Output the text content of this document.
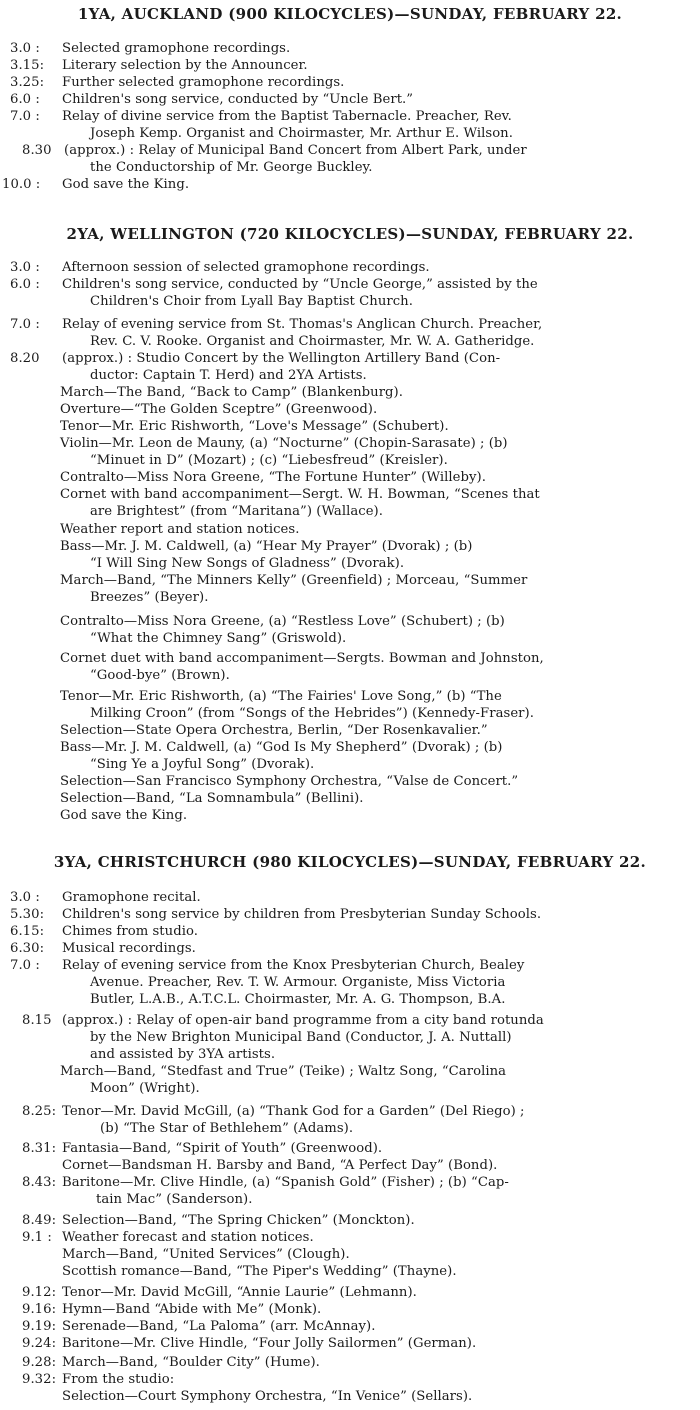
1YA, AUCKLAND (900 KILOCYCLES)—SUNDAY, FEBRUARY 22.
3.0 : Selected gramophone recordings.
3.15: Literary selection by the Announcer.
3.25: Further selected gramophone recordings.
6.0 : Children's song service, conducted by “Uncle Bert.”
7.0 : Relay of divine service from the Baptist Tabernacle. Preacher, Rev.
Joseph Kemp. Organist and Choirmaster, Mr. Arthur E. Wilson.
8.30 (approx.) : Relay of Municipal Band Concert from Albert Park, under
the Conductorship of Mr. George Buckley.
10.0 : God save the King.
2YA, WELLINGTON (720 KILOCYCLES)—SUNDAY, FEBRUARY 22.
3.0 : Afternoon session of selected gramophone recordings.
6.0 : Children's song service, conducted by “Uncle George,” assisted by the
Children's Choir from Lyall Bay Baptist Church.
7.0 : Relay of evening service from St. Thomas's Anglican Church. Preacher,
Rev. C. V. Rooke. Organist and Choirmaster, Mr. W. A. Gatheridge.
8.20 (approx.) : Studio Concert by the Wellington Artillery Band (Con-
ductor: Captain T. Herd) and 2YA Artists.
March—The Band, “Back to Camp” (Blankenburg).
Overture—“The Golden Sceptre” (Greenwood).
Tenor—Mr. Eric Rishworth, “Love's Message” (Schubert).
Violin—Mr. Leon de Mauny, (a) “Nocturne” (Chopin-Sarasate) ; (b)
“Minuet in D” (Mozart) ; (c) “Liebesfreud” (Kreisler).
Contralto—Miss Nora Greene, “The Fortune Hunter” (Willeby).
Cornet with band accompaniment—Sergt. W. H. Bowman, “Scenes that
are Brightest” (from “Maritana”) (Wallace).
Weather report and station notices.
Bass—Mr. J. M. Caldwell, (a) “Hear My Prayer” (Dvorak) ; (b)
“I Will Sing New Songs of Gladness” (Dvorak).
March—Band, “The Minners Kelly” (Greenfield) ; Morceau, “Summer
Breezes” (Beyer).
Contralto—Miss Nora Greene, (a) “Restless Love” (Schubert) ; (b)
“What the Chimney Sang” (Griswold).
Cornet duet with band accompaniment—Sergts. Bowman and Johnston,
“Good-bye” (Brown).
Tenor—Mr. Eric Rishworth, (a) “The Fairies' Love Song,” (b) “The
Milking Croon” (from “Songs of the Hebrides”) (Kennedy-Fraser).
Selection—State Opera Orchestra, Berlin, “Der Rosenkavalier.”
Bass—Mr. J. M. Caldwell, (a) “God Is My Shepherd” (Dvorak) ; (b)
“Sing Ye a Joyful Song” (Dvorak).
Selection—San Francisco Symphony Orchestra, “Valse de Concert.”
Selection—Band, “La Somnambula” (Bellini).
God save the King.
3YA, CHRISTCHURCH (980 KILOCYCLES)—SUNDAY, FEBRUARY 22.
3.0 : Gramophone recital.
5.30: Children's song service by children from Presbyterian Sunday Schools.
6.15: Chimes from studio.
6.30: Musical recordings.
7.0 : Relay of evening service from the Knox Presbyterian Church, Bealey
Avenue. Preacher, Rev. T. W. Armour. Organiste, Miss Victoria
Butler, L.A.B., A.T.C.L. Choirmaster, Mr. A. G. Thompson, B.A.
8.15 (approx.) : Relay of open-air band programme from a city band rotunda
by the New Brighton Municipal Band (Conductor, J. A. Nuttall)
and assisted by 3YA artists.
March—Band, “Stedfast and True” (Teike) ; Waltz Song, “Carolina
Moon” (Wright).
8.25: Tenor—Mr. David McGill, (a) “Thank God for a Garden” (Del Riego) ;
(b) “The Star of Bethlehem” (Adams).
8.31: Fantasia—Band, “Spirit of Youth” (Greenwood).
Cornet—Bandsman H. Barsby and Band, “A Perfect Day” (Bond).
8.43: Baritone—Mr. Clive Hindle, (a) “Spanish Gold” (Fisher) ; (b) “Cap-
tain Mac” (Sanderson).
8.49: Selection—Band, “The Spring Chicken” (Monckton).
9.1 : Weather forecast and station notices.
March—Band, “United Services” (Clough).
Scottish romance—Band, “The Piper's Wedding” (Thayne).
9.12: Tenor—Mr. David McGill, “Annie Laurie” (Lehmann).
9.16: Hymn—Band “Abide with Me” (Monk).
9.19: Serenade—Band, “La Paloma” (arr. McAnnay).
9.24: Baritone—Mr. Clive Hindle, “Four Jolly Sailormen” (German).
9.28: March—Band, “Boulder City” (Hume).
9.32: From the studio:
Selection—Court Symphony Orchestra, “In Venice” (Sellars).
